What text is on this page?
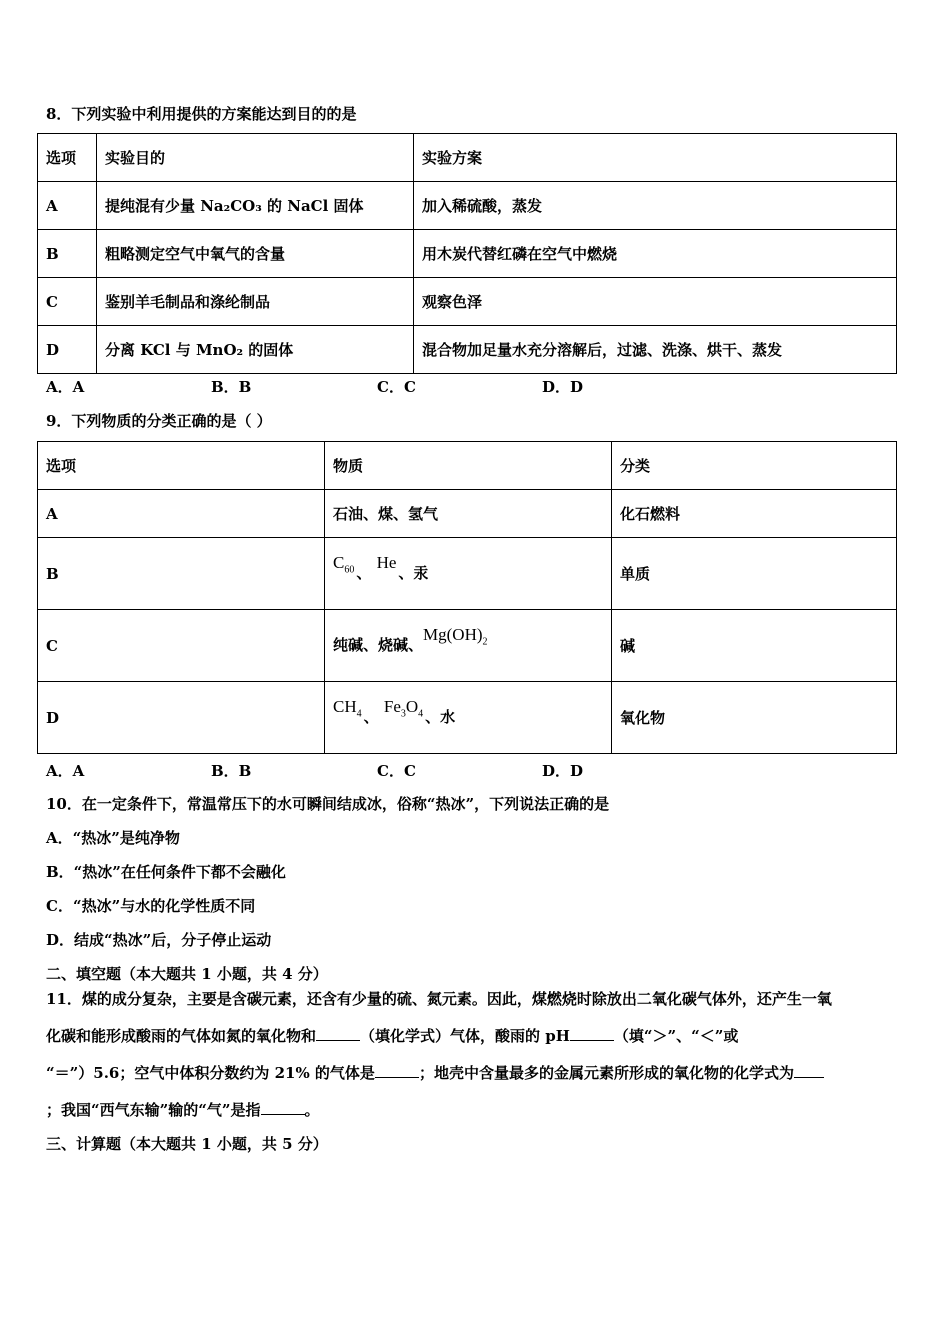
8．下列实验中利用提供的方案能达到目的的是
选项	实验目的	实验方案
A	提纯混有少量 Na₂CO₃ 的 NaCl 固体	加入稀硫酸，蒸发
B	粗略测定空气中氧气的含量	用木炭代替红磷在空气中燃烧
C	鉴别羊毛制品和涤纶制品	观察色泽
D	分离 KCl 与 MnO₂ 的固体	混合物加足量水充分溶解后，过滤、洗涤、烘干、蒸发
A．A	B．B	C．C	D．D
9．下列物质的分类正确的是（ ）
选项	物质	分类
A	石油、煤、氢气	化石燃料
B	$C_{60}$ 、 He、汞	单质
C	纯碱、烧碱、$Mg(OH)_2$	碱
D	$CH_4$ 、 $Fe_3O_4$ 、水	氧化物
A．A	B．B	C．C	D．D
10．在一定条件下，常温常压下的水可瞬间结成冰，俗称“热冰”，下列说法正确的是
A．“热冰”是纯净物
B．“热冰”在任何条件下都不会融化
C．“热冰”与水的化学性质不同
D．结成“热冰”后，分子停止运动
二、填空题（本大题共 1 小题，共 4 分）
11．煤的成分复杂，主要是含碳元素，还含有少量的硫、氮元素。因此，煤燃烧时除放出二氧化碳气体外，还产生一氧
化碳和能形成酸雨的气体如氮的氧化物和	（填化学式）气体，酸雨的 pH	（填“＞”、“＜”或
“＝”）5.6；空气中体积分数约为 21% 的气体是	；地壳中含量最多的金属元素所形成的氧化物的化学式为
；我国“西气东输”输的“气”是指	。
三、计算题（本大题共 1 小题，共 5 分）
